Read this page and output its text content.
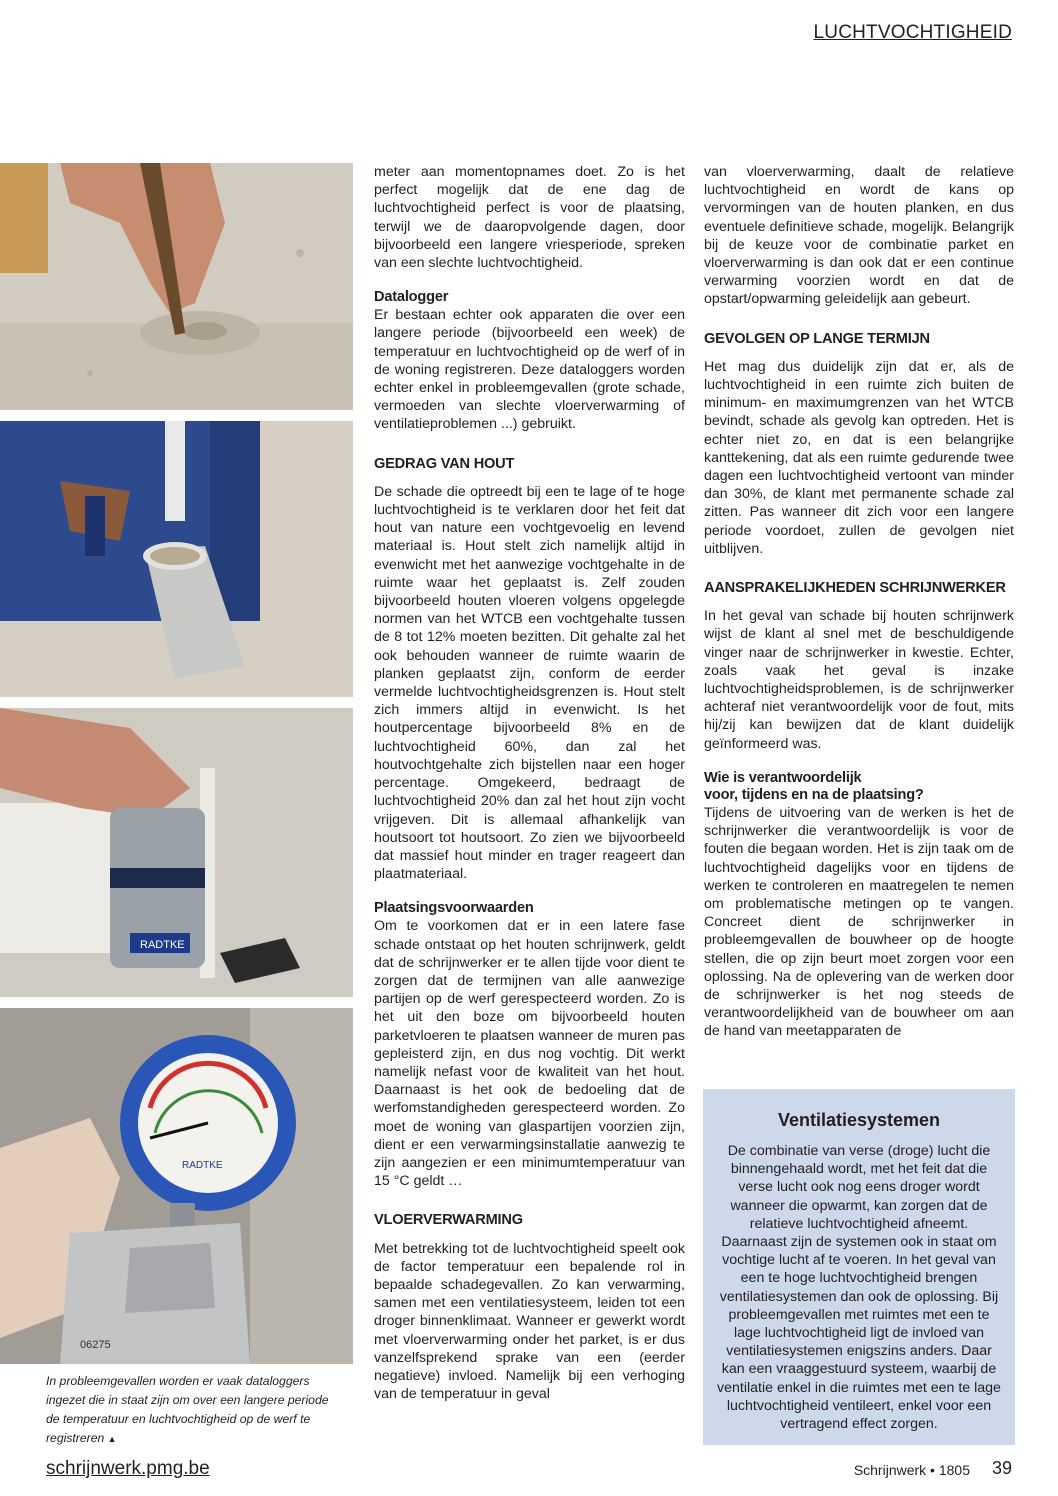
LUCHTVOCHTIGHEID
RADTKE
RADTKE
06275
In probleemgevallen worden er vaak dataloggers
ingezet die in staat zijn om over een langere periode
de temperatuur en luchtvochtigheid op de werf te
registreren ▲

meter aan momentopnames doet. Zo is het perfect mogelijk dat de ene dag de luchtvochtigheid perfect is voor de plaatsing, terwijl we de daaropvolgende dagen, door bijvoorbeeld een langere vriesperiode, spreken van een slechte luchtvochtigheid.

Datalogger

Er bestaan echter ook apparaten die over een langere periode (bijvoorbeeld een week) de temperatuur en luchtvochtigheid op de werf of in de woning registreren. Deze dataloggers worden echter enkel in probleemgevallen (grote schade, vermoeden van slechte vloerverwarming of ventilatieproblemen ...) gebruikt.

GEDRAG VAN HOUT

De schade die optreedt bij een te lage of te hoge luchtvochtigheid is te verklaren door het feit dat hout van nature een vochtgevoelig en levend materiaal is. Hout stelt zich namelijk altijd in evenwicht met het aanwezige vochtgehalte in de ruimte waar het geplaatst is. Zelf zouden bijvoorbeeld houten vloeren volgens opgelegde normen van het WTCB een vochtgehalte tussen de 8 tot 12% moeten bezitten. Dit gehalte zal het ook behouden wanneer de ruimte waarin de planken geplaatst zijn, conform de eerder vermelde luchtvochtigheidsgrenzen is. Hout stelt zich immers altijd in evenwicht. Is het houtpercentage bijvoorbeeld 8% en de luchtvochtigheid 60%, dan zal het houtvochtgehalte zich bijstellen naar een hoger percentage. Omgekeerd, bedraagt de luchtvochtigheid 20% dan zal het hout zijn vocht vrijgeven. Dit is allemaal afhankelijk van houtsoort tot houtsoort. Zo zien we bijvoorbeeld dat massief hout minder en trager reageert dan plaatmateriaal.

Plaatsingsvoorwaarden

Om te voorkomen dat er in een latere fase schade ontstaat op het houten schrijnwerk, geldt dat de schrijnwerker er te allen tijde voor dient te zorgen dat de termijnen van alle aanwezige partijen op de werf gerespecteerd worden. Zo is het uit den boze om bijvoorbeeld houten parketvloeren te plaatsen wanneer de muren pas gepleisterd zijn, en dus nog vochtig. Dit werkt namelijk nefast voor de kwaliteit van het hout. Daarnaast is het ook de bedoeling dat de werfomstandigheden gerespecteerd worden. Zo moet de woning van glaspartijen voorzien zijn, dient er een verwarmingsinstallatie aanwezig te zijn aangezien er een minimumtemperatuur van 15 °C geldt …

VLOERVERWARMING

Met betrekking tot de luchtvochtigheid speelt ook de factor temperatuur een bepalende rol in bepaalde schadegevallen. Zo kan verwarming, samen met een ventilatiesysteem, leiden tot een droger binnenklimaat. Wanneer er gewerkt wordt met vloerverwarming onder het parket, is er dus vanzelfsprekend sprake van een (eerder negatieve) invloed. Namelijk bij een verhoging van de temperatuur in geval

van vloerverwarming, daalt de relatieve luchtvochtigheid en wordt de kans op vervormingen van de houten planken, en dus eventuele definitieve schade, mogelijk. Belangrijk bij de keuze voor de combinatie parket en vloerverwarming is dan ook dat er een continue verwarming voorzien wordt en dat de opstart/opwarming geleidelijk aan gebeurt.

GEVOLGEN OP LANGE TERMIJN

Het mag dus duidelijk zijn dat er, als de luchtvochtigheid in een ruimte zich buiten de minimum- en maximumgrenzen van het WTCB bevindt, schade als gevolg kan optreden. Het is echter niet zo, en dat is een belangrijke kanttekening, dat als een ruimte gedurende twee dagen een luchtvochtigheid vertoont van minder dan 30%, de klant met permanente schade zal zitten. Pas wanneer dit zich voor een langere periode voordoet, zullen de gevolgen niet uitblijven.

AANSPRAKELIJKHEDEN SCHRIJNWERKER

In het geval van schade bij houten schrijnwerk wijst de klant al snel met de beschuldigende vinger naar de schrijnwerker in kwestie. Echter, zoals vaak het geval is inzake luchtvochtigheidsproblemen, is de schrijnwerker achteraf niet verantwoordelijk voor de fout, mits hij/zij kan bewijzen dat de klant duidelijk geïnformeerd was.

Wie is verantwoordelijk
voor, tijdens en na de plaatsing?

Tijdens de uitvoering van de werken is het de schrijnwerker die verantwoordelijk is voor de fouten die begaan worden. Het is zijn taak om de luchtvochtigheid dagelijks voor en tijdens de werken te controleren en maatregelen te nemen om problematische metingen op te vangen. Concreet dient de schrijnwerker in probleemgevallen de bouwheer op de hoogte stellen, die op zijn beurt moet zorgen voor een oplossing. Na de oplevering van de werken door de schrijnwerker is het nog steeds de verantwoordelijkheid van de bouwheer om aan de hand van meetapparaten de

Ventilatiesystemen

De combinatie van verse (droge) lucht die binnengehaald wordt, met het feit dat die verse lucht ook nog eens droger wordt wanneer die opwarmt, kan zorgen dat de relatieve luchtvochtigheid afneemt. Daarnaast zijn de systemen ook in staat om vochtige lucht af te voeren. In het geval van een te hoge luchtvochtigheid brengen ventilatiesystemen dan ook de oplossing. Bij probleemgevallen met ruimtes met een te lage luchtvochtigheid ligt de invloed van ventilatiesystemen enigszins anders. Daar kan een vraaggestuurd systeem, waarbij de ventilatie enkel in die ruimtes met een te lage luchtvochtigheid ventileert, enkel voor een vertragend effect zorgen.

schrijnwerk.pmg.be	Schrijnwerk • 1805 39
